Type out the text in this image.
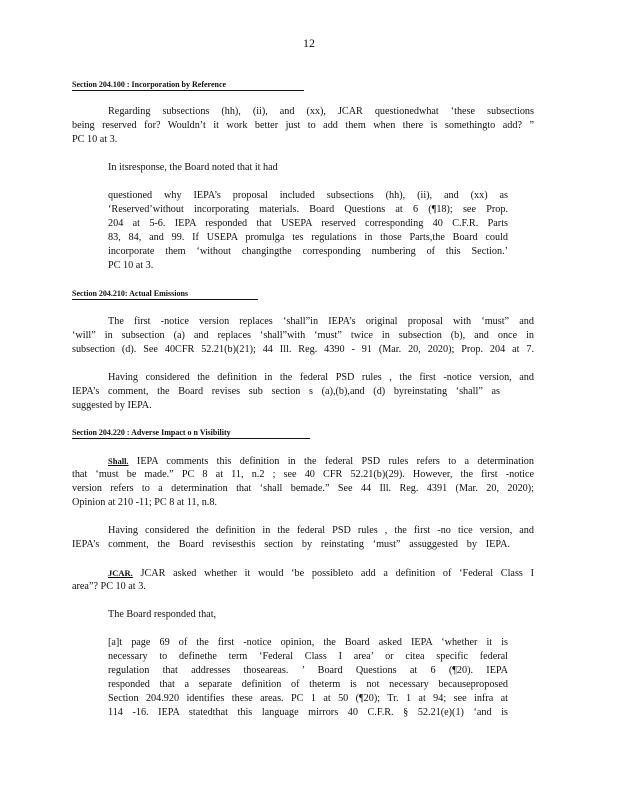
12
Section 204.100 : Incorporation by Reference
Regarding subsections (hh), (ii), and (xx), JCAR questionedwhat ‘these subsections
being reserved for? Wouldn’t it work better just to add them when there is somethingto add? ”
PC 10 at 3.
In itsresponse, the Board noted that it had
questioned why IEPA’s proposal included subsections (hh), (ii), and (xx) as
‘Reserved’without incorporating materials. Board Questions at 6 (¶18); see Prop.
204 at 5-6. IEPA responded that USEPA reserved corresponding 40 C.F.R. Parts
83, 84, and 99. If USEPA promulga tes regulations in those Parts,the Board could
incorporate them ‘without changingthe corresponding numbering of this Section.’
PC 10 at 3.
Section 204.210: Actual Emissions
The first -notice version replaces ‘shall”in IEPA’s original proposal with ‘must” and
‘will” in subsection (a) and replaces ‘shall”with ‘must” twice in subsection (b), and once in
subsection (d). See 40CFR 52.21(b)(21); 44 Ill. Reg. 4390 - 91 (Mar. 20, 2020); Prop. 204 at 7.
Having considered the definition in the federal PSD rules , the first -notice version, and
IEPA’s comment, the Board revises sub section s (a),(b),and (d) byreinstating ‘shall” as
suggested by IEPA.
Section 204.220 : Adverse Impact o n Visibility
Shall. IEPA comments this definition in the federal PSD rules refers to a determination
that ‘must be made.” PC 8 at 11, n.2 ; see 40 CFR 52.21(b)(29). However, the first -notice
version refers to a determination that ‘shall bemade.” See 44 Ill. Reg. 4391 (Mar. 20, 2020);
Opinion at 210 -11; PC 8 at 11, n.8.
Having considered the definition in the federal PSD rules , the first -no tice version, and
IEPA’s comment, the Board revisesthis section by reinstating ‘must” assuggested by IEPA.
JCAR. JCAR asked whether it would ‘be possibleto add a definition of ‘Federal Class I
area”? PC 10 at 3.
The Board responded that,
[a]t page 69 of the first -notice opinion, the Board asked IEPA ‘whether it is
necessary to definethe term ‘Federal Class I area’ or citea specific federal
regulation that addresses thoseareas. ’ Board Questions at 6 (¶20). IEPA
responded that a separate definition of theterm is not necessary becauseproposed
Section 204.920 identifies these areas. PC 1 at 50 (¶20); Tr. 1 at 94; see infra at
114 -16. IEPA statedthat this language mirrors 40 C.F.R. § 52.21(e)(1) ‘and is
